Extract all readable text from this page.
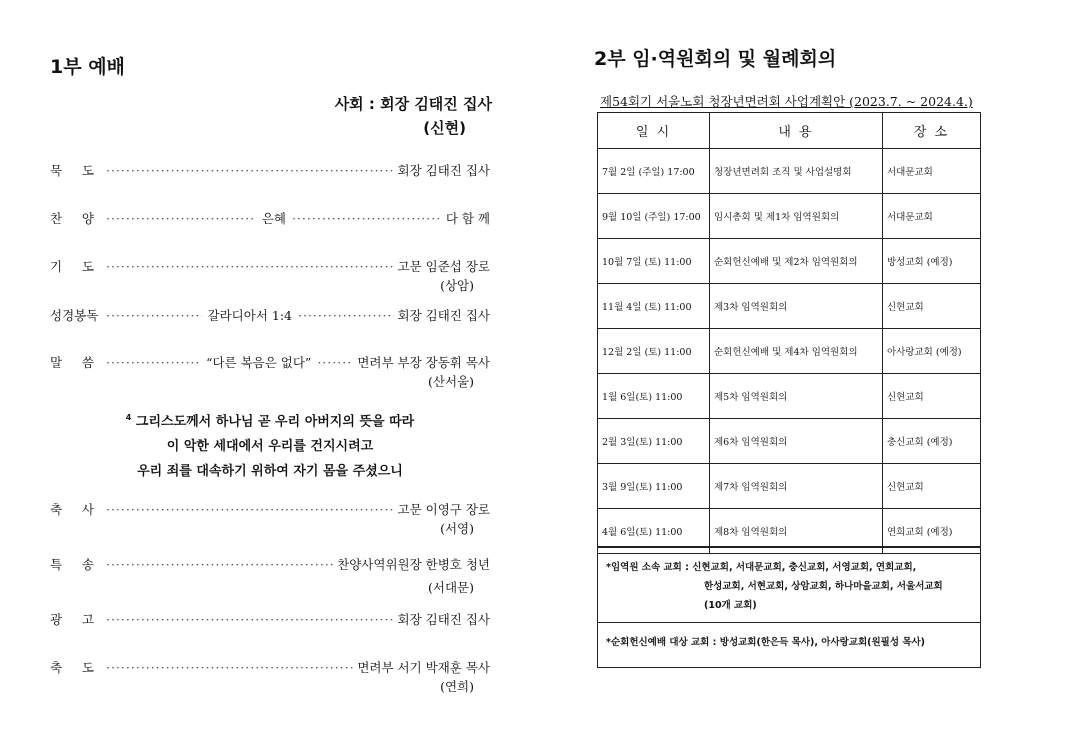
1부 예배
사회 : 회장 김태진 집사
(신현)
묵 도 ·····	회장 김태진 집사
찬 양 ·····	은혜 ·····	다 함 께
기 도 ·····	고문 임준섭 장로
(상암)
성경봉독 ·····	갈라디아서 1:4 ·····	회장 김태진 집사
말 씀 ·····	“다른 복음은 없다” ·····	면려부 부장 장동휘 목사
(산서울)
$^4$ 그리스도께서 하나님 곧 우리 아버지의 뜻을 따라
이 악한 세대에서 우리를 건지시려고
우리 죄를 대속하기 위하여 자기 몸을 주셨으니
축 사 ·····	고문 이영구 장로
(서영)
특 송 ·····	찬양사역위원장 한병호 청년
(서대문)
광 고 ·····	회장 김태진 집사
축 도 ·····	면려부 서기 박재훈 목사
(연희)
2부 임·역원회의 및 월례회의
제54회기 서울노회 청장년면려회 사업계획안 (2023.7. ~ 2024.4.)
일 시	내 용	장 소
7월 2일 (주일) 17:00	청장년면려회 조직 및 사업설명회	서대문교회
9월 10일 (주일) 17:00	임시총회 및 제1차 임역원회의	서대문교회
10월 7일 (토) 11:00	순회헌신예배 및 제2차 임역원회의	방성교회 (예정)
11월 4일 (토) 11:00	제3차 임역원회의	신현교회
12월 2일 (토) 11:00	순회헌신예배 및 제4차 임역원회의	아사랑교회 (예정)
1월 6일(토) 11:00	제5차 임역원회의	신현교회
2월 3일(토) 11:00	제6차 임역원회의	충신교회 (예정)
3월 9일(토) 11:00	제7차 임역원회의	신현교회
4월 6일(토) 11:00	제8차 임역원회의	연희교회 (예정)
*임역원 소속 교회 : 신현교회, 서대문교회, 충신교회, 서영교회, 연희교회,
한성교회, 서현교회, 상암교회, 하나마을교회, 서울서교회
(10개 교회)
*순회헌신예배 대상 교회 : 방성교회(한은득 목사), 아사랑교회(원필성 목사)
